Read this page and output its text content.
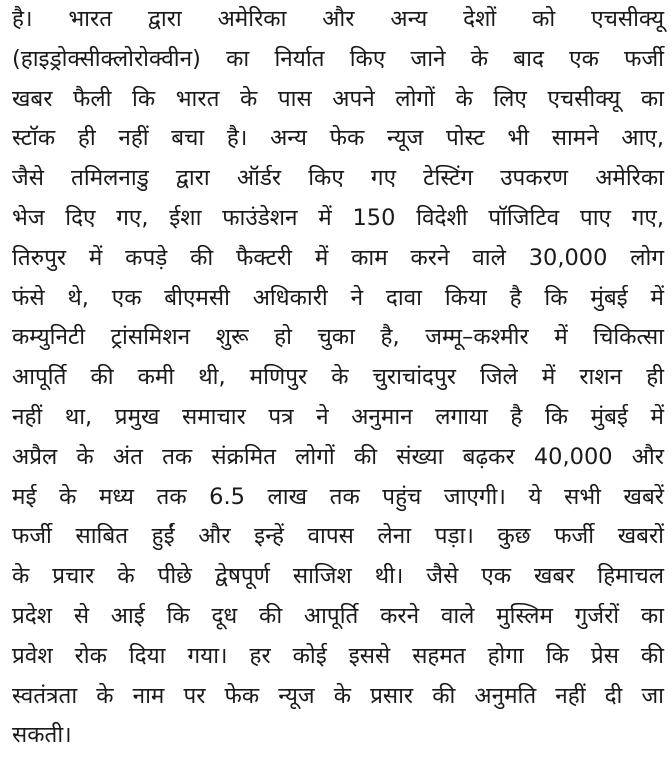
है। भारत द्वारा अमेरिका और अन्य देशों को एचसीक्यू
(हाइड्रोक्सीक्लोरोक्वीन) का निर्यात किए जाने के बाद एक फर्जी
खबर फैली कि भारत के पास अपने लोगों के लिए एचसीक्यू का
स्टॉक ही नहीं बचा है। अन्य फेक न्यूज पोस्ट भी सामने आए,
जैसे तमिलनाडु द्वारा ऑर्डर किए गए टेस्टिंग उपकरण अमेरिका
भेज दिए गए, ईशा फाउंडेशन में 150 विदेशी पॉजिटिव पाए गए,
तिरुपुर में कपड़े की फैक्टरी में काम करने वाले 30,000 लोग
फंसे थे, एक बीएमसी अधिकारी ने दावा किया है कि मुंबई में
कम्युनिटी ट्रांसमिशन शुरू हो चुका है, जम्मू–कश्मीर में चिकित्सा
आपूर्ति की कमी थी, मणिपुर के चुराचांदपुर जिले में राशन ही
नहीं था, प्रमुख समाचार पत्र ने अनुमान लगाया है कि मुंबई में
अप्रैल के अंत तक संक्रमित लोगों की संख्या बढ़कर 40,000 और
मई के मध्य तक 6.5 लाख तक पहुंच जाएगी। ये सभी खबरें
फर्जी साबित हुईं और इन्हें वापस लेना पड़ा। कुछ फर्जी खबरों
के प्रचार के पीछे द्वेषपूर्ण साजिश थी। जैसे एक खबर हिमाचल
प्रदेश से आई कि दूध की आपूर्ति करने वाले मुस्लिम गुर्जरों का
प्रवेश रोक दिया गया। हर कोई इससे सहमत होगा कि प्रेस की
स्वतंत्रता के नाम पर फेक न्यूज के प्रसार की अनुमति नहीं दी जा
सकती।
